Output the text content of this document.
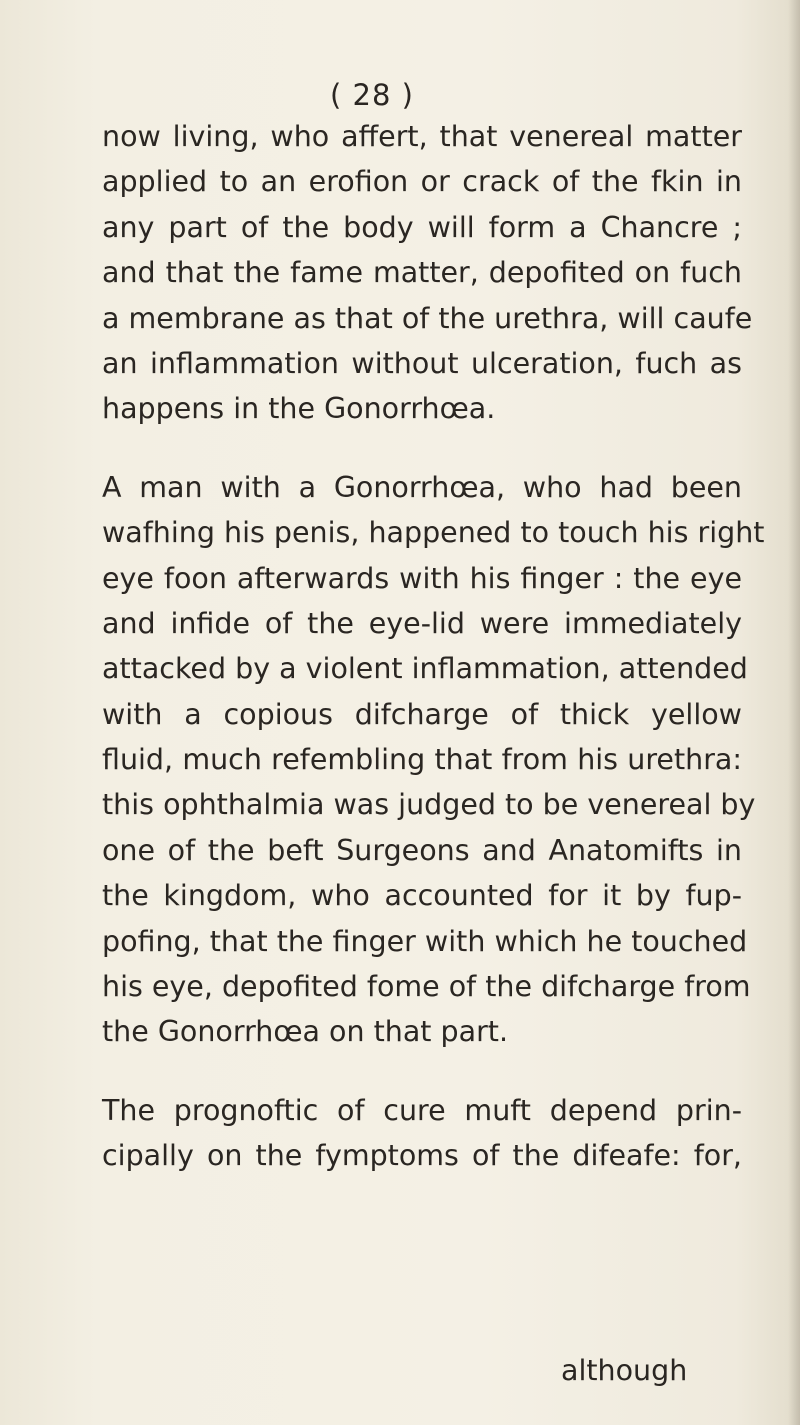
( 28 )
now living, who affert, that venereal matter
applied to an erofion or crack of the fkin in
any part of the body will form a Chancre ;
and that the fame matter, depofited on fuch
a membrane as that of the urethra, will caufe
an inflammation without ulceration, fuch as
happens in the Gonorrhœa.
A man with a Gonorrhœa, who had been
wafhing his penis, happened to touch his right
eye foon afterwards with his finger : the eye
and infide of the eye-lid were immediately
attacked by a violent inflammation, attended
with a copious difcharge of thick yellow
fluid, much refembling that from his urethra:
this ophthalmia was judged to be venereal by
one of the beft Surgeons and Anatomifts in
the kingdom, who accounted for it by fup-
pofing, that the finger with which he touched
his eye, depofited fome of the difcharge from
the Gonorrhœa on that part.
The prognoftic of cure muft depend prin-
cipally on the fymptoms of the difeafe: for,
although
